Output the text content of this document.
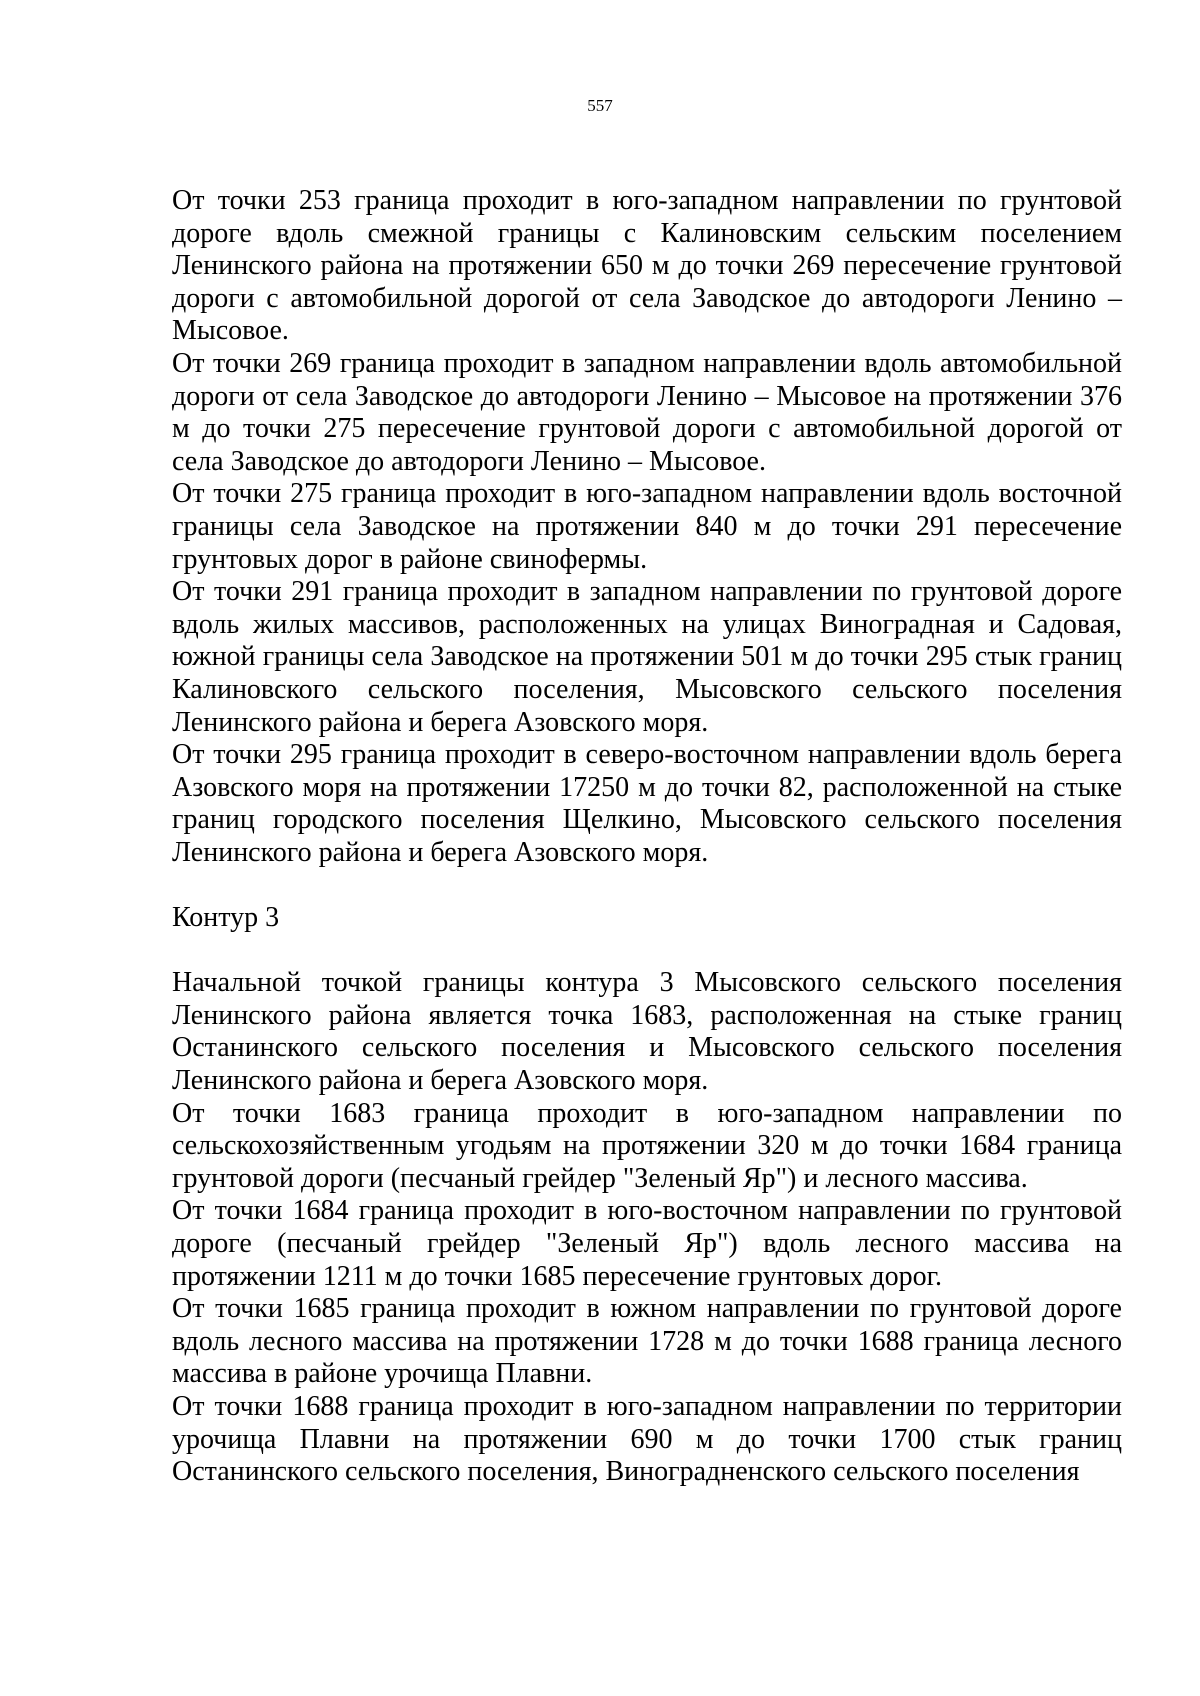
557

От точки 253 граница проходит в юго-западном направлении по грунтовой дороге вдоль смежной границы с Калиновским сельским поселением Ленинского района на протяжении 650 м до точки 269 пересечение грунтовой дороги с автомобильной дорогой от села Заводское до автодороги Ленино – Мысовое.

От точки 269 граница проходит в западном направлении вдоль автомобильной дороги от села Заводское до автодороги Ленино – Мысовое на протяжении 376 м до точки 275 пересечение грунтовой дороги с автомобильной дорогой от села Заводское до автодороги Ленино – Мысовое.

От точки 275 граница проходит в юго-западном направлении вдоль восточной границы села Заводское на протяжении 840 м до точки 291 пересечение грунтовых дорог в районе свинофермы.

От точки 291 граница проходит в западном направлении по грунтовой дороге вдоль жилых массивов, расположенных на улицах Виноградная и Садовая, южной границы села Заводское на протяжении 501 м до точки 295 стык границ Калиновского сельского поселения, Мысовского сельского поселения Ленинского района и берега Азовского моря.

От точки 295 граница проходит в северо-восточном направлении вдоль берега Азовского моря на протяжении 17250 м до точки 82, расположенной на стыке границ городского поселения Щелкино, Мысовского сельского поселения Ленинского района и берега Азовского моря.

Контур 3

Начальной точкой границы контура 3 Мысовского сельского поселения Ленинского района является точка 1683, расположенная на стыке границ Останинского сельского поселения и Мысовского сельского поселения Ленинского района и берега Азовского моря.

От точки 1683 граница проходит в юго-западном направлении по сельскохозяйственным угодьям на протяжении 320 м до точки 1684 граница грунтовой дороги (песчаный грейдер "Зеленый Яр") и лесного массива.

От точки 1684 граница проходит в юго-восточном направлении по грунтовой дороге (песчаный грейдер "Зеленый Яр") вдоль лесного массива на протяжении 1211 м до точки 1685 пересечение грунтовых дорог.

От точки 1685 граница проходит в южном направлении по грунтовой дороге вдоль лесного массива на протяжении 1728 м до точки 1688 граница лесного массива в районе урочища Плавни.

От точки 1688 граница проходит в юго-западном направлении по территории урочища Плавни на протяжении 690 м до точки 1700 стык границ Останинского сельского поселения, Виноградненского сельского поселения
